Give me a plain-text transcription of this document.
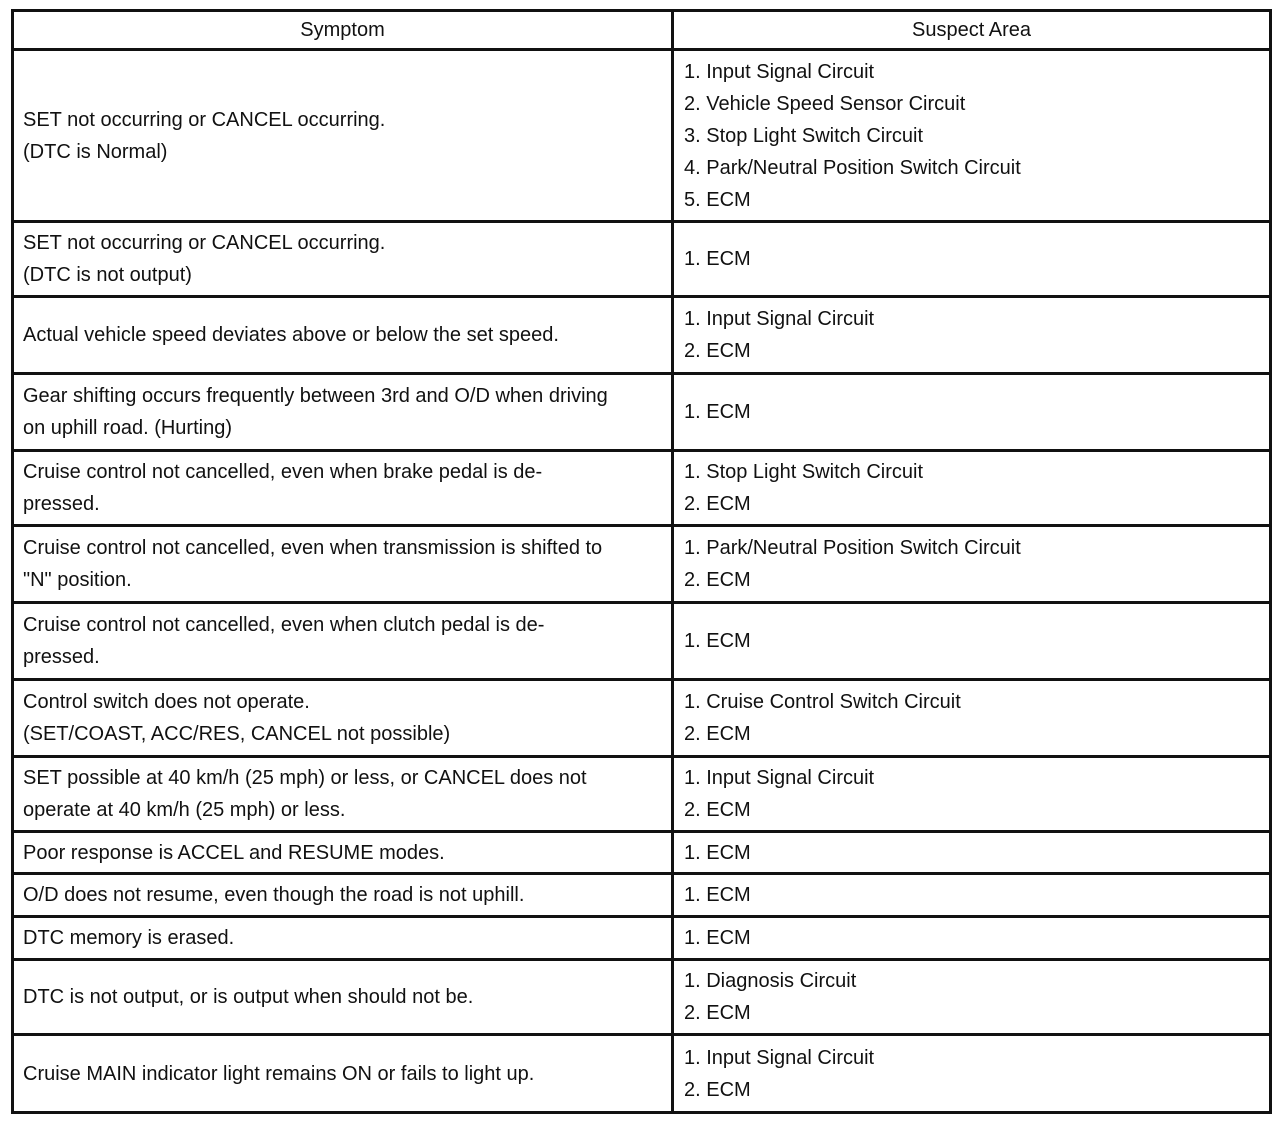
Symptom	Suspect Area

SET not occurring or CANCEL occurring.
(DTC is Normal)	1. Input Signal Circuit
2. Vehicle Speed Sensor Circuit
3. Stop Light Switch Circuit
4. Park/Neutral Position Switch Circuit
5. ECM

SET not occurring or CANCEL occurring.
(DTC is not output)	1. ECM

Actual vehicle speed deviates above or below the set speed.	1. Input Signal Circuit
2. ECM

Gear shifting occurs frequently between 3rd and O/D when driving
on uphill road. (Hurting)	1. ECM

Cruise control not cancelled, even when brake pedal is de-
pressed.	1. Stop Light Switch Circuit
2. ECM

Cruise control not cancelled, even when transmission is shifted to
"N" position.	1. Park/Neutral Position Switch Circuit
2. ECM

Cruise control not cancelled, even when clutch pedal is de-
pressed.	1. ECM

Control switch does not operate.
(SET/COAST, ACC/RES, CANCEL not possible)	1. Cruise Control Switch Circuit
2. ECM

SET possible at 40 km/h (25 mph) or less, or CANCEL does not
operate at 40 km/h (25 mph) or less.	1. Input Signal Circuit
2. ECM

Poor response is ACCEL and RESUME modes.	1. ECM

O/D does not resume, even though the road is not uphill.	1. ECM

DTC memory is erased.	1. ECM

DTC is not output, or is output when should not be.	1. Diagnosis Circuit
2. ECM

Cruise MAIN indicator light remains ON or fails to light up.	1. Input Signal Circuit
2. ECM
